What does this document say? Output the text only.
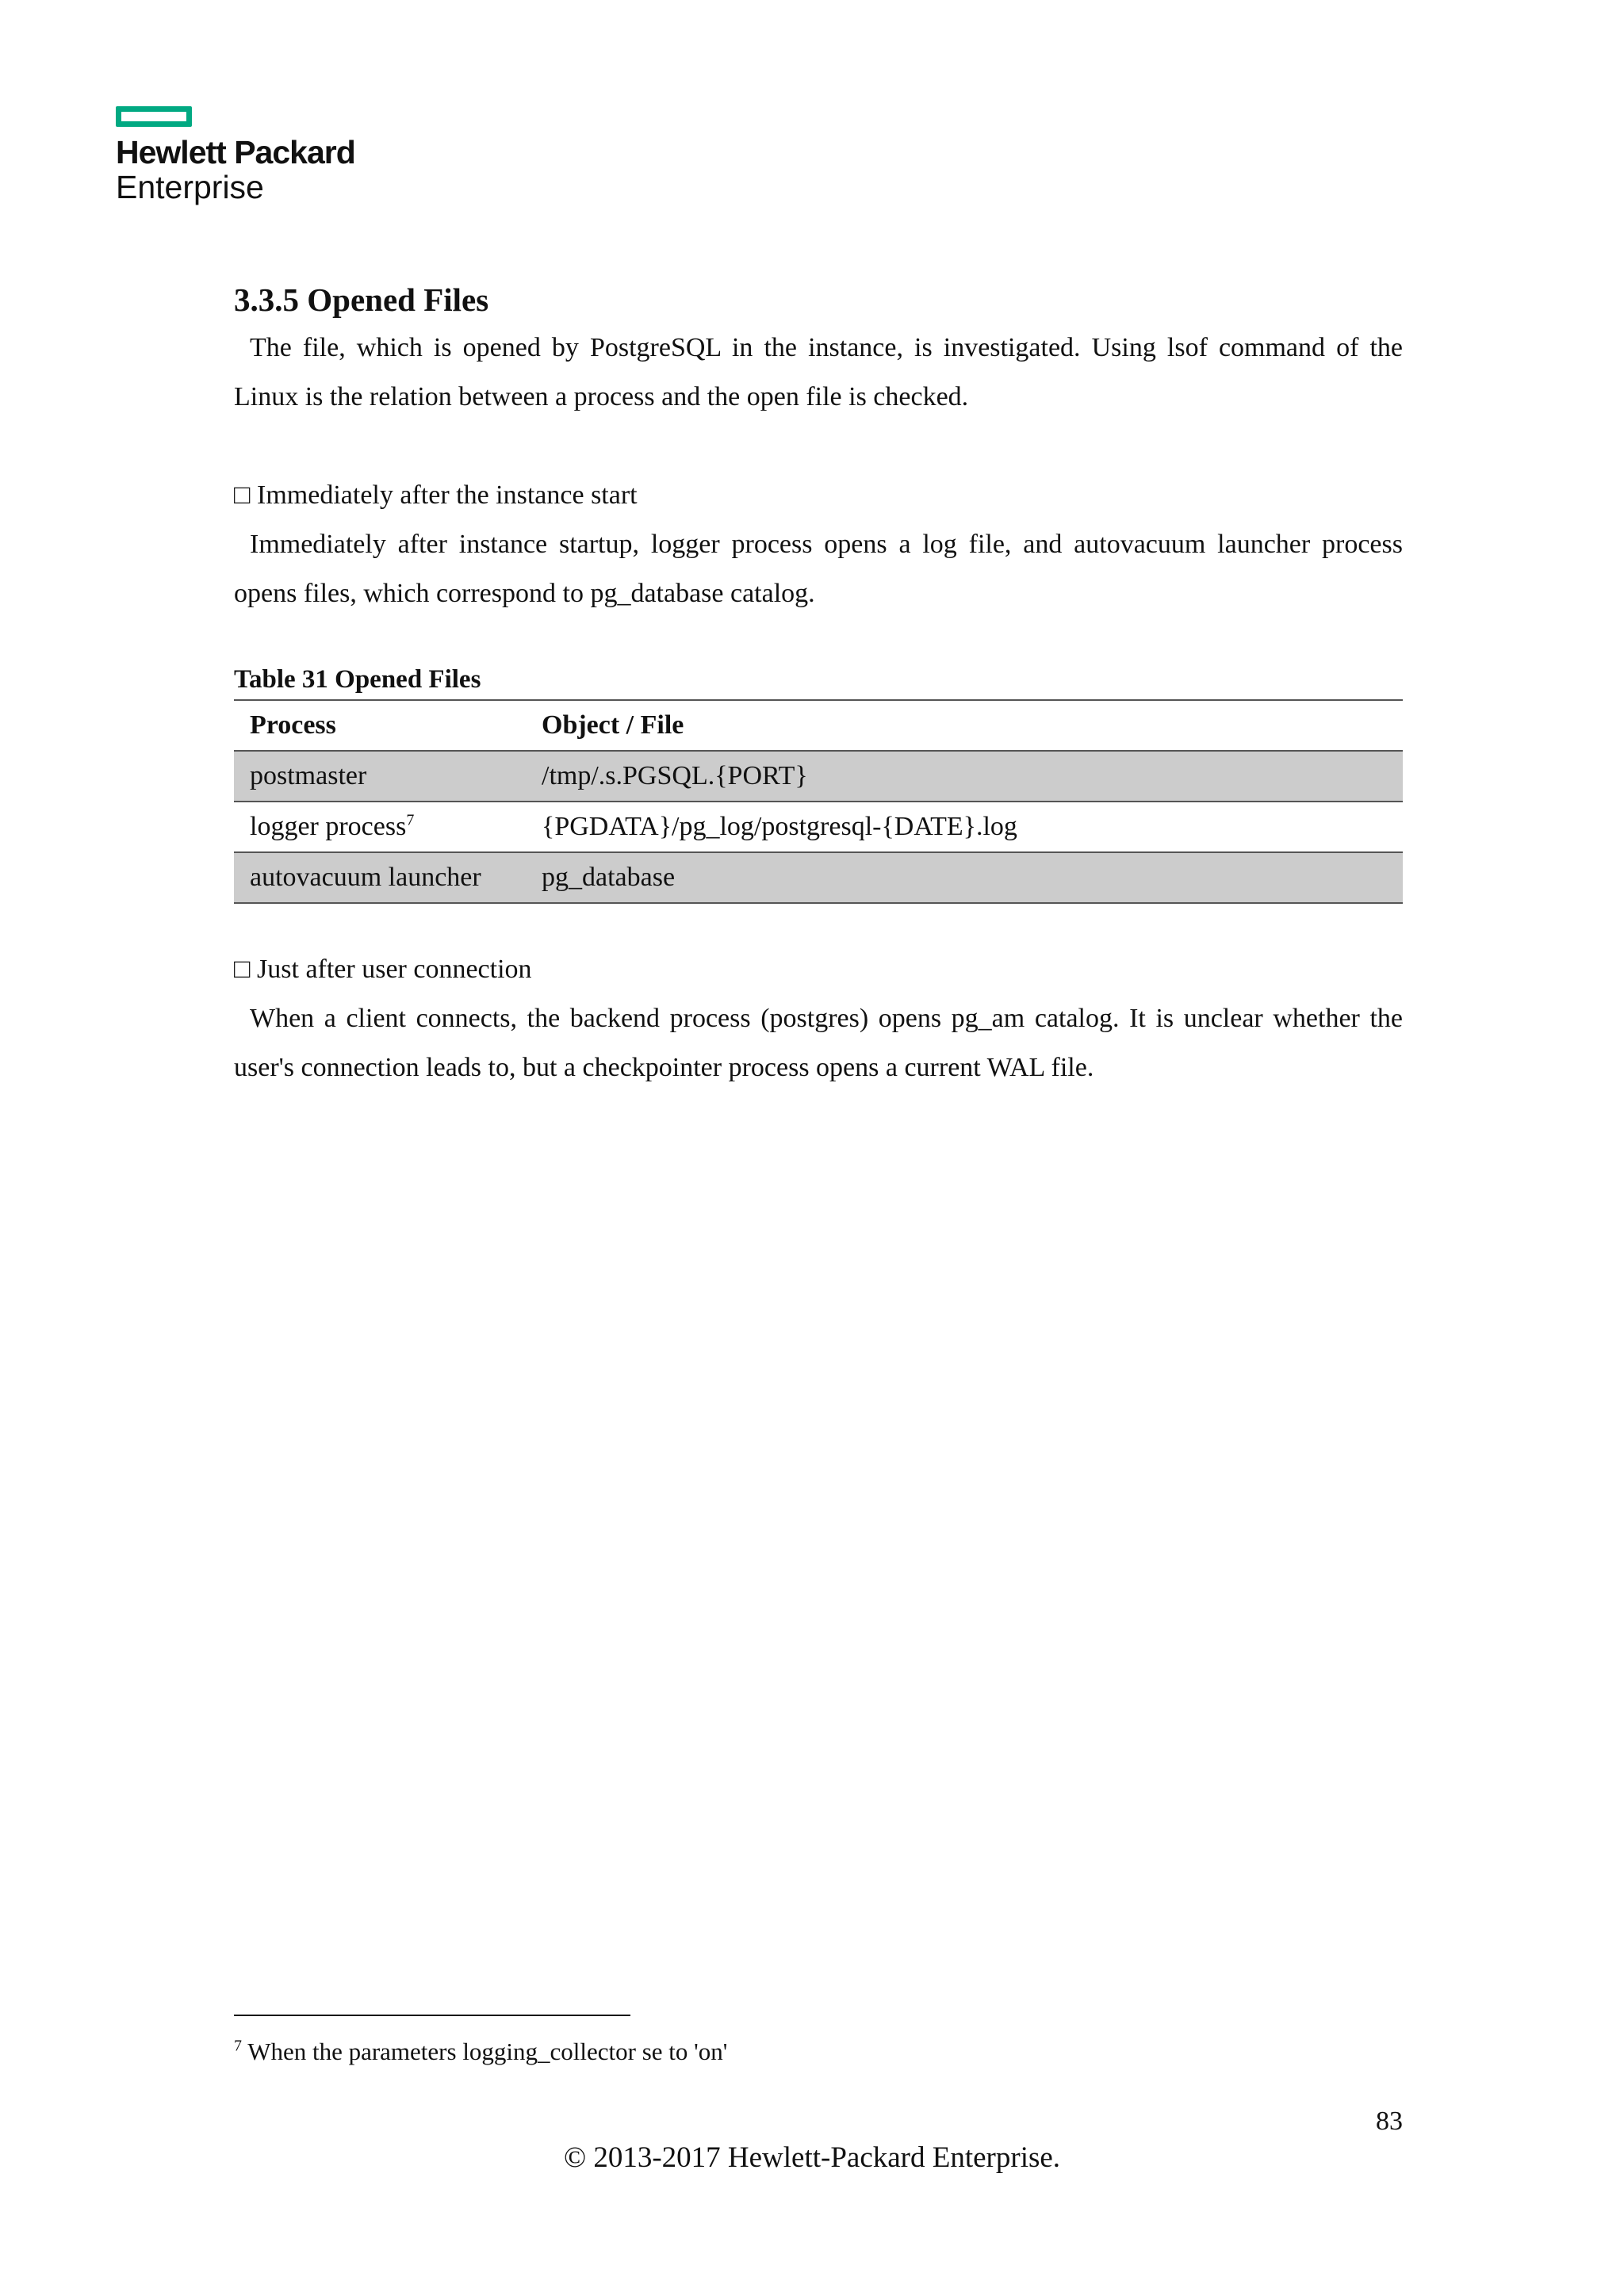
Hewlett Packard
Enterprise
3.3.5 Opened Files

The file, which is opened by PostgreSQL in the instance, is investigated. Using lsof command of the Linux is the relation between a process and the open file is checked.

□ Immediately after the instance start

Immediately after instance startup, logger process opens a log file, and autovacuum launcher process opens files, which correspond to pg_database catalog.

Table 31 Opened Files
Process	Object / File
postmaster	/tmp/.s.PGSQL.{PORT}
logger process$^7$	{PGDATA}/pg_log/postgresql-{DATE}.log
autovacuum launcher	pg_database
□ Just after user connection

When a client connects, the backend process (postgres) opens pg_am catalog. It is unclear whether the user's connection leads to, but a checkpointer process opens a current WAL file.

$^7$ When the parameters logging_collector se to 'on'
83
© 2013-2017 Hewlett-Packard Enterprise.
